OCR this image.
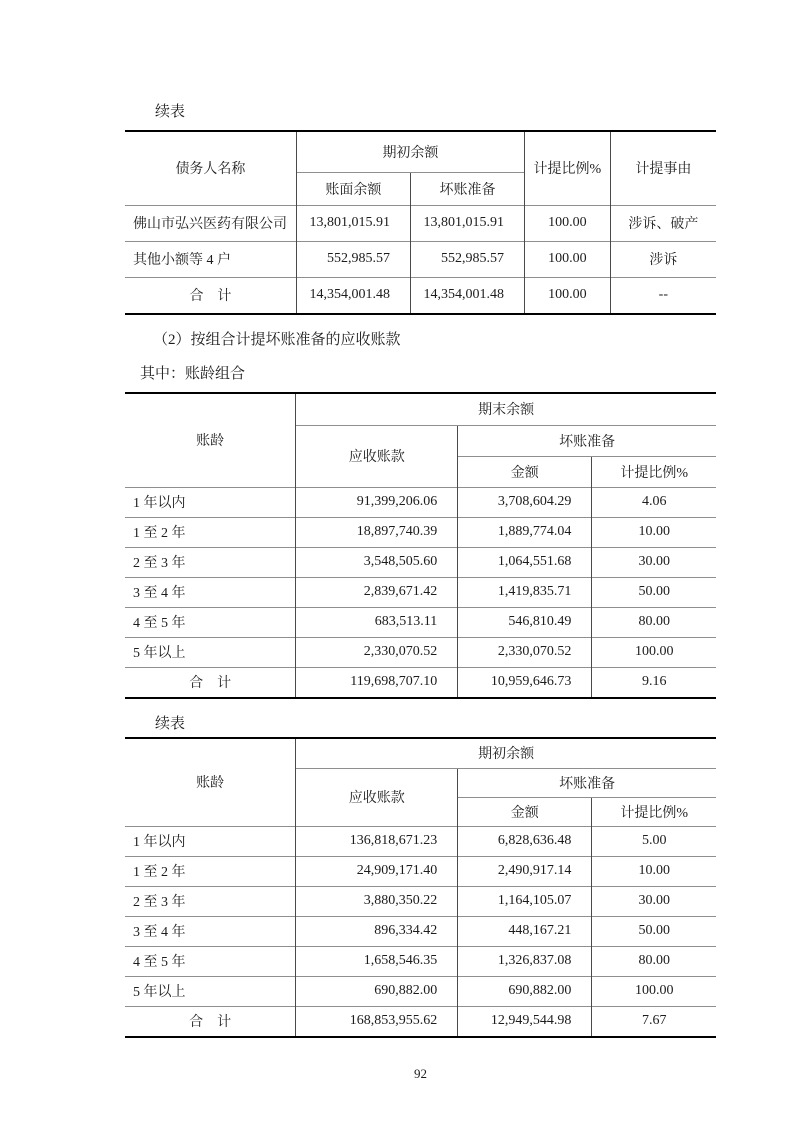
续表
债务人名称	期初余额		计提比例%	计提事由
	账面余额	坏账准备		
佛山市弘兴医药有限公司	13,801,015.91	13,801,015.91	100.00	涉诉、破产
其他小额等 4 户	552,985.57	552,985.57	100.00	涉诉
合　计	14,354,001.48	14,354,001.48	100.00	--
（2）按组合计提坏账准备的应收账款
其中：账龄组合
账龄	期末余额		
	应收账款	坏账准备	
		金额	计提比例%
1 年以内	91,399,206.06	3,708,604.29	4.06
1 至 2 年	18,897,740.39	1,889,774.04	10.00
2 至 3 年	3,548,505.60	1,064,551.68	30.00
3 至 4 年	2,839,671.42	1,419,835.71	50.00
4 至 5 年	683,513.11	546,810.49	80.00
5 年以上	2,330,070.52	2,330,070.52	100.00
合　计	119,698,707.10	10,959,646.73	9.16
续表
账龄	期初余额		
	应收账款	坏账准备	
		金额	计提比例%
1 年以内	136,818,671.23	6,828,636.48	5.00
1 至 2 年	24,909,171.40	2,490,917.14	10.00
2 至 3 年	3,880,350.22	1,164,105.07	30.00
3 至 4 年	896,334.42	448,167.21	50.00
4 至 5 年	1,658,546.35	1,326,837.08	80.00
5 年以上	690,882.00	690,882.00	100.00
合　计	168,853,955.62	12,949,544.98	7.67
92
